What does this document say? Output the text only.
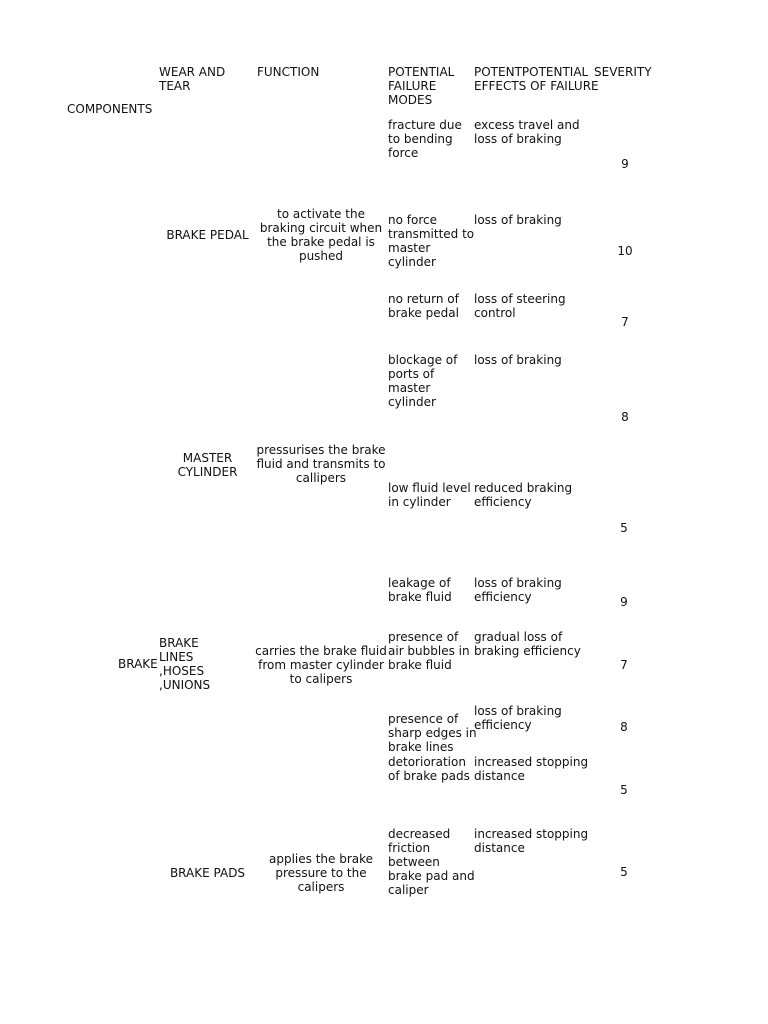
COMPONENTS
WEAR AND
TEAR
FUNCTION	POTENTIAL
FAILURE
MODES
POTENTPOTENTIAL
EFFECTS OF FAILURE
SEVERITY
BRAKE
BRAKE PEDAL
MASTER
CYLINDER
BRAKE
LINES
,HOSES
,UNIONS
BRAKE PADS
to activate the
braking circuit when
the brake pedal is
pushed
pressurises the brake
fluid and transmits to
callipers
carries the brake fluid
from master cylinder
to calipers
applies the brake
pressure to the
calipers
fracture due
to bending
force
no force
transmitted to
master
cylinder
no return of
brake pedal
blockage of
ports of
master
cylinder
low fluid level
in cylinder
leakage of
brake fluid
presence of
air bubbles in
brake fluid
presence of
sharp edges in
brake lines
detorioration
of brake pads
decreased
friction
between
brake pad and
caliper
excess travel and
loss of braking
loss of braking
loss of steering
control
loss of braking
reduced braking
efficiency
loss of braking
efficiency
gradual loss of
braking efficiency
loss of braking
efficiency
increased stopping
distance
increased stopping
distance
9
10
7
8
5
9
7
8
5
5
